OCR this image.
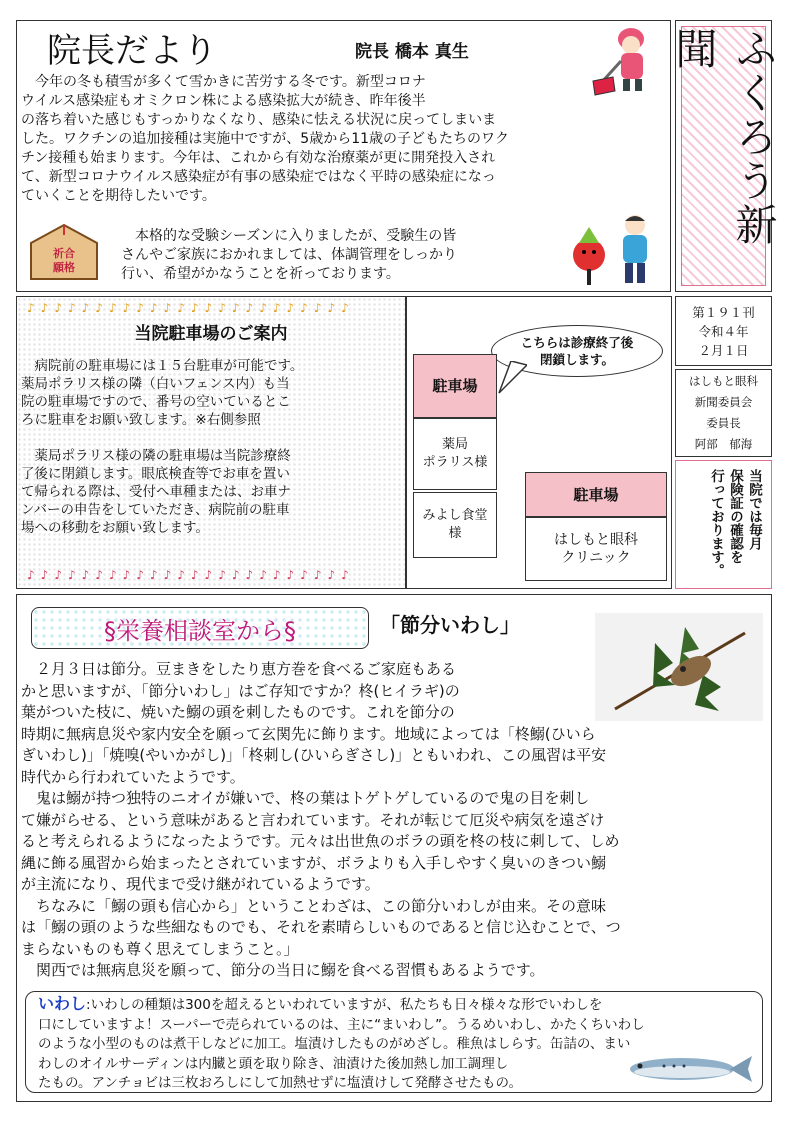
院長だより	院長 橋本 真生

　今年の冬も積雪が多くて雪かきに苦労する冬です。新型コロナ
ウイルス感染症もオミクロン株による感染拡大が続き、昨年後半
の落ち着いた感じもすっかりなくなり、感染に怯える状況に戻ってしまいま
した。ワクチンの追加接種は実施中ですが、5歳から11歳の子どもたちのワク
チン接種も始まります。今年は、これから有効な治療薬が更に開発投入され
て、新型コロナウイルス感染症が有事の感染症ではなく平時の感染症になっ
ていくことを期待したいです。

　本格的な受験シーズンに入りましたが、受験生の皆
さんやご家族におかれましては、体調管理をしっかり
行い、希望がかなうことを祈っております。

祈合
願格
ふくろう新聞
♪♪♪♪♪♪♪♪♪♪♪♪♪♪♪♪♪♪♪♪♪♪♪♪
当院駐車場のご案内

　病院前の駐車場には１５台駐車が可能です。
薬局ポラリス様の隣（白いフェンス内）も当
院の駐車場ですので、番号の空いているとこ
ろに駐車をお願い致します。※右側参照

　薬局ポラリス様の隣の駐車場は当院診療終
了後に閉鎖します。眼底検査等でお車を置い
て帰られる際は、受付へ車種または、お車ナ
ンバーの申告をしていただき、病院前の駐車
場への移動をお願い致します。

♪♪♪♪♪♪♪♪♪♪♪♪♪♪♪♪♪♪♪♪♪♪♪♪
こちらは診療終了後
閉鎖します。
駐車場
薬局
ポラリス様
みよし食堂
様
駐車場
はしもと眼科
クリニック
第１９１刊
令和４年
２月１日
はしもと眼科
新聞委員会
委員長
阿部　郁海
当院では毎月
保険証の確認を
行っております。
§栄養相談室から§	「節分いわし」

　２月３日は節分。豆まきをしたり恵方巻を食べるご家庭もある
かと思いますが、「節分いわし」はご存知ですか？柊(ヒイラギ)の
葉がついた枝に、焼いた鰯の頭を刺したものです。これを節分の

時期に無病息災や家内安全を願って玄関先に飾ります。地域によっては「柊鰯(ひいら
ぎいわし)」「焼嗅(やいかがし)」「柊刺し(ひいらぎさし)」ともいわれ、この風習は平安
時代から行われていたようです。
　鬼は鰯が持つ独特のニオイが嫌いで、柊の葉はトゲトゲしているので鬼の目を刺し
て嫌がらせる、という意味があると言われています。それが転じて厄災や病気を遠ざけ
ると考えられるようになったようです。元々は出世魚のボラの頭を柊の枝に刺して、しめ
縄に飾る風習から始まったとされていますが、ボラよりも入手しやすく臭いのきつい鰯
が主流になり、現代まで受け継がれているようです。
　ちなみに「鰯の頭も信心から」ということわざは、この節分いわしが由来。その意味
は「鰯の頭のような些細なものでも、それを素晴らしいものであると信じ込むことで、つ
まらないものも尊く思えてしまうこと。」
　関西では無病息災を願って、節分の当日に鰯を食べる習慣もあるようです。

いわし:いわしの種類は300を超えるといわれていますが、私たちも日々様々な形でいわしを
口にしていますよ！スーパーで売られているのは、主に“まいわし”。うるめいわし、かたくちいわし
のような小型のものは煮干しなどに加工。塩漬けしたものがめざし。稚魚はしらす。缶詰の、まい
わしのオイルサーディンは内臓と頭を取り除き、油漬けた後加熱し加工調理し
たもの。アンチョビは三枚おろしにして加熱せずに塩漬けして発酵させたもの。
